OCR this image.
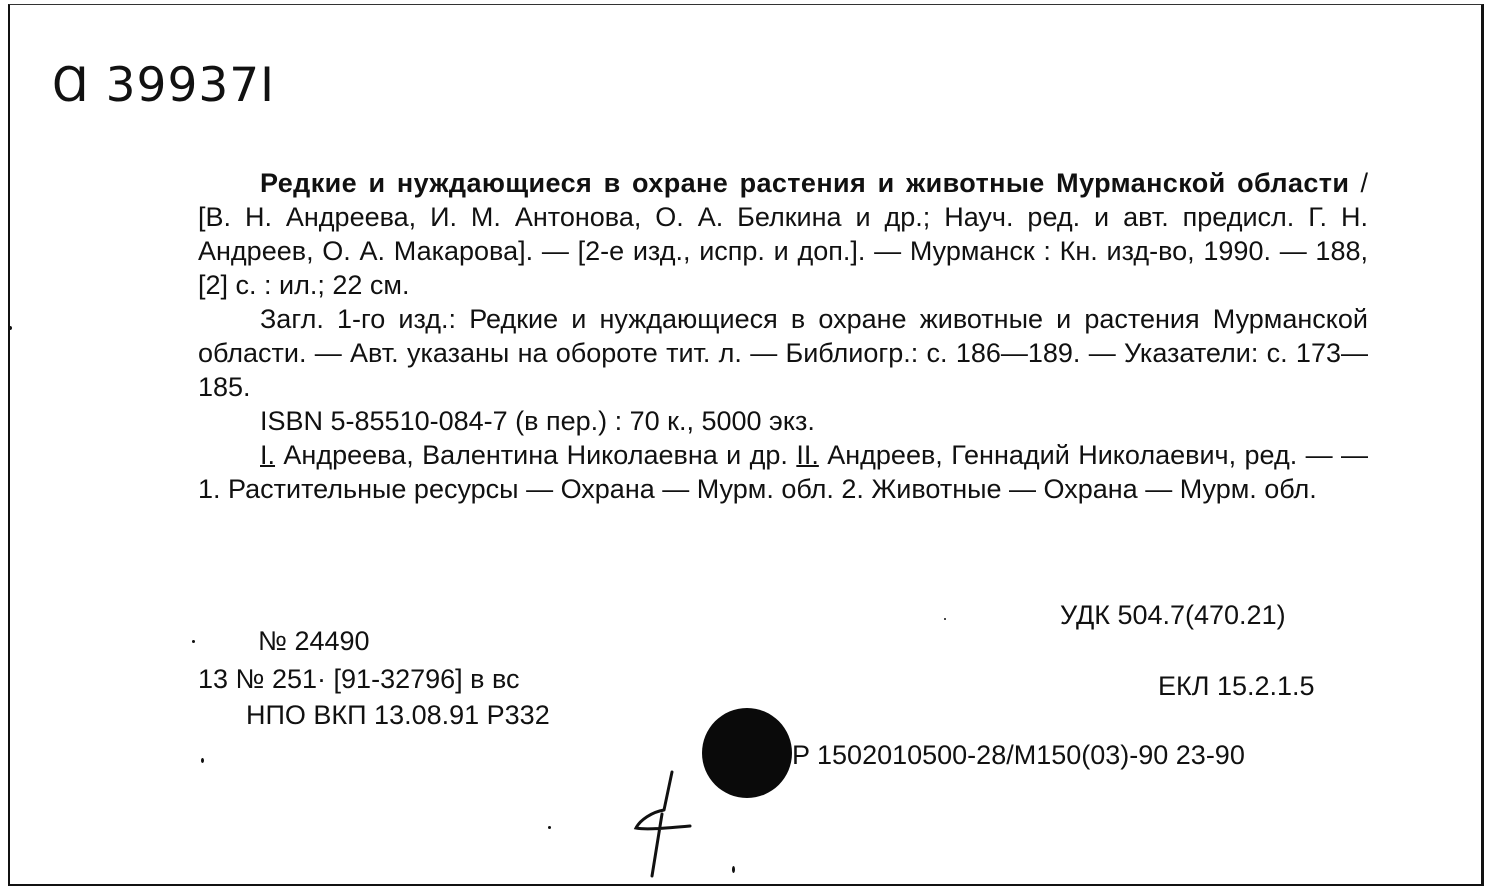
Ɑ 39937I

Редкие и нуждающиеся в охране растения и животные Мурманской области / [В. Н. Андреева, И. М. Антонова, О. А. Белкина и др.; Науч. ред. и авт. предисл. Г. Н. Андреев, О. А. Макарова]. — [2-е изд., испр. и доп.]. — Мурманск : Кн. изд-во, 1990. — 188,[2] с. : ил.; 22 см.

Загл. 1-го изд.: Редкие и нуждающиеся в охране животные и растения Мурманской области. — Авт. указаны на обороте тит. л. — Библиогр.: с. 186—189. — Указатели: с. 173—185.

ISBN 5-85510-084-7 (в пер.) : 70 к., 5000 экз.

I. Андреева, Валентина Николаевна и др. II. Андреев, Геннадий Николаевич, ред. — — 1. Растительные ресурсы — Охрана — Мурм. обл. 2. Животные — Охрана — Мурм. обл.

УДК 504.7(470.21)
№ 24490
13 № 251· [91-32796] в вс	ЕКЛ 15.2.1.5
НПО ВКП 13.08.91 Р332
P 1502010500-28/M150(03)-90 23-90
